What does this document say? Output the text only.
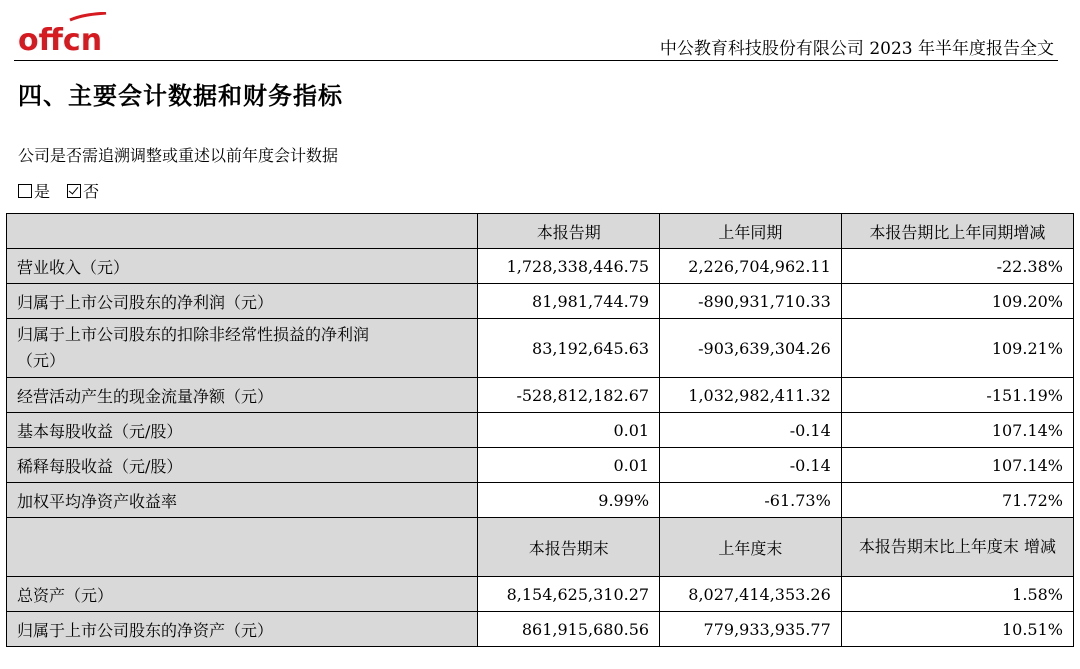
offcn	中公教育科技股份有限公司 2023 年半年度报告全文
四、主要会计数据和财务指标
公司是否需追溯调整或重述以前年度会计数据
是 否
	本报告期	上年同期	本报告期比上年同期增减
营业收入（元）	1,728,338,446.75	2,226,704,962.11	-22.38%
归属于上市公司股东的净利润（元）	81,981,744.79	-890,931,710.33	109.20%

归属于上市公司股东的扣除非经常性损益的净利润
（元）	83,192,645.63	-903,639,304.26	109.21%
经营活动产生的现金流量净额（元）	-528,812,182.67	1,032,982,411.32	-151.19%
基本每股收益（元/股）	0.01	-0.14	107.14%
稀释每股收益（元/股）	0.01	-0.14	107.14%
加权平均净资产收益率	9.99%	-61.73%	71.72%
	本报告期末	上年度末	本报告期末比上年度末 增减
总资产（元）	8,154,625,310.27	8,027,414,353.26	1.58%
归属于上市公司股东的净资产（元）	861,915,680.56	779,933,935.77	10.51%
